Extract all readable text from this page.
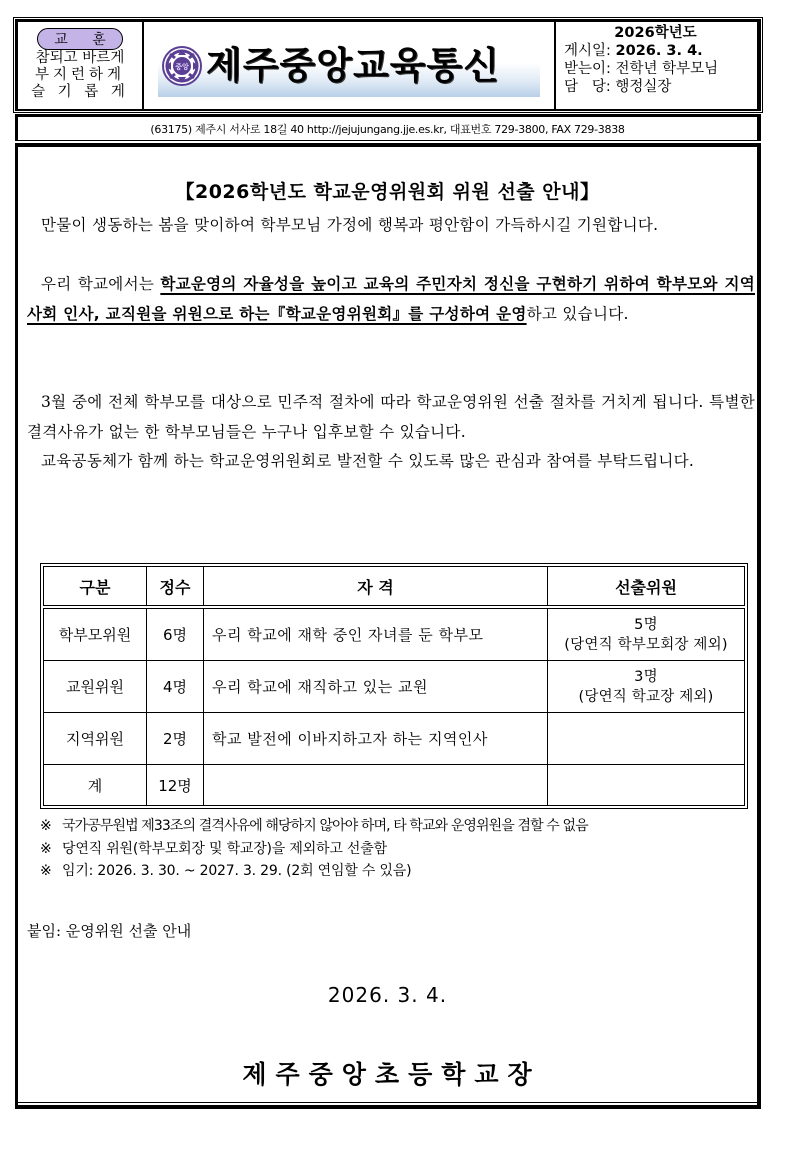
교 훈
참되고 바르게
부지런하게
슬 기 롭 게
중앙 제주중앙교육통신
2026학년도
게시일: 2026. 3. 4.
받는이: 전학년 학부모님
담   당: 행정실장
(63175) 제주시 서사로 18길 40 http://jejujungang.jje.es.kr, 대표번호 729-3800, FAX 729-3838
【2026학년도 학교운영위원회 위원 선출 안내】
만물이 생동하는 봄을 맞이하여 학부모님 가정에 행복과 평안함이 가득하시길 기원합니다.
우리 학교에서는 학교운영의 자율성을 높이고 교육의 주민자치 정신을 구현하기 위하여 학부모와 지역사회 인사, 교직원을 위원으로 하는『학교운영위원회』를 구성하여 운영하고 있습니다.
3월 중에 전체 학부모를 대상으로 민주적 절차에 따라 학교운영위원 선출 절차를 거치게 됩니다. 특별한 결격사유가 없는 한 학부모님들은 누구나 입후보할 수 있습니다.
교육공동체가 함께 하는 학교운영위원회로 발전할 수 있도록 많은 관심과 참여를 부탁드립니다.
구분	정수	자 격	선출위원
학부모위원	6명	우리 학교에 재학 중인 자녀를 둔 학부모	5명
(당연직 학부모회장 제외)

교원위원	4명	우리 학교에 재직하고 있는 교원	3명
(당연직 학교장 제외)

지역위원	2명	학교 발전에 이바지하고자 하는 지역인사	
계	12명		
※ 국가공무원법 제33조의 결격사유에 해당하지 않아야 하며, 타 학교와 운영위원을 겸할 수 없음
※ 당연직 위원(학부모회장 및 학교장)을 제외하고 선출함
※ 임기: 2026. 3. 30. ~ 2027. 3. 29. (2회 연임할 수 있음)
붙임: 운영위원 선출 안내
2026. 3. 4.
제주중앙초등학교장
